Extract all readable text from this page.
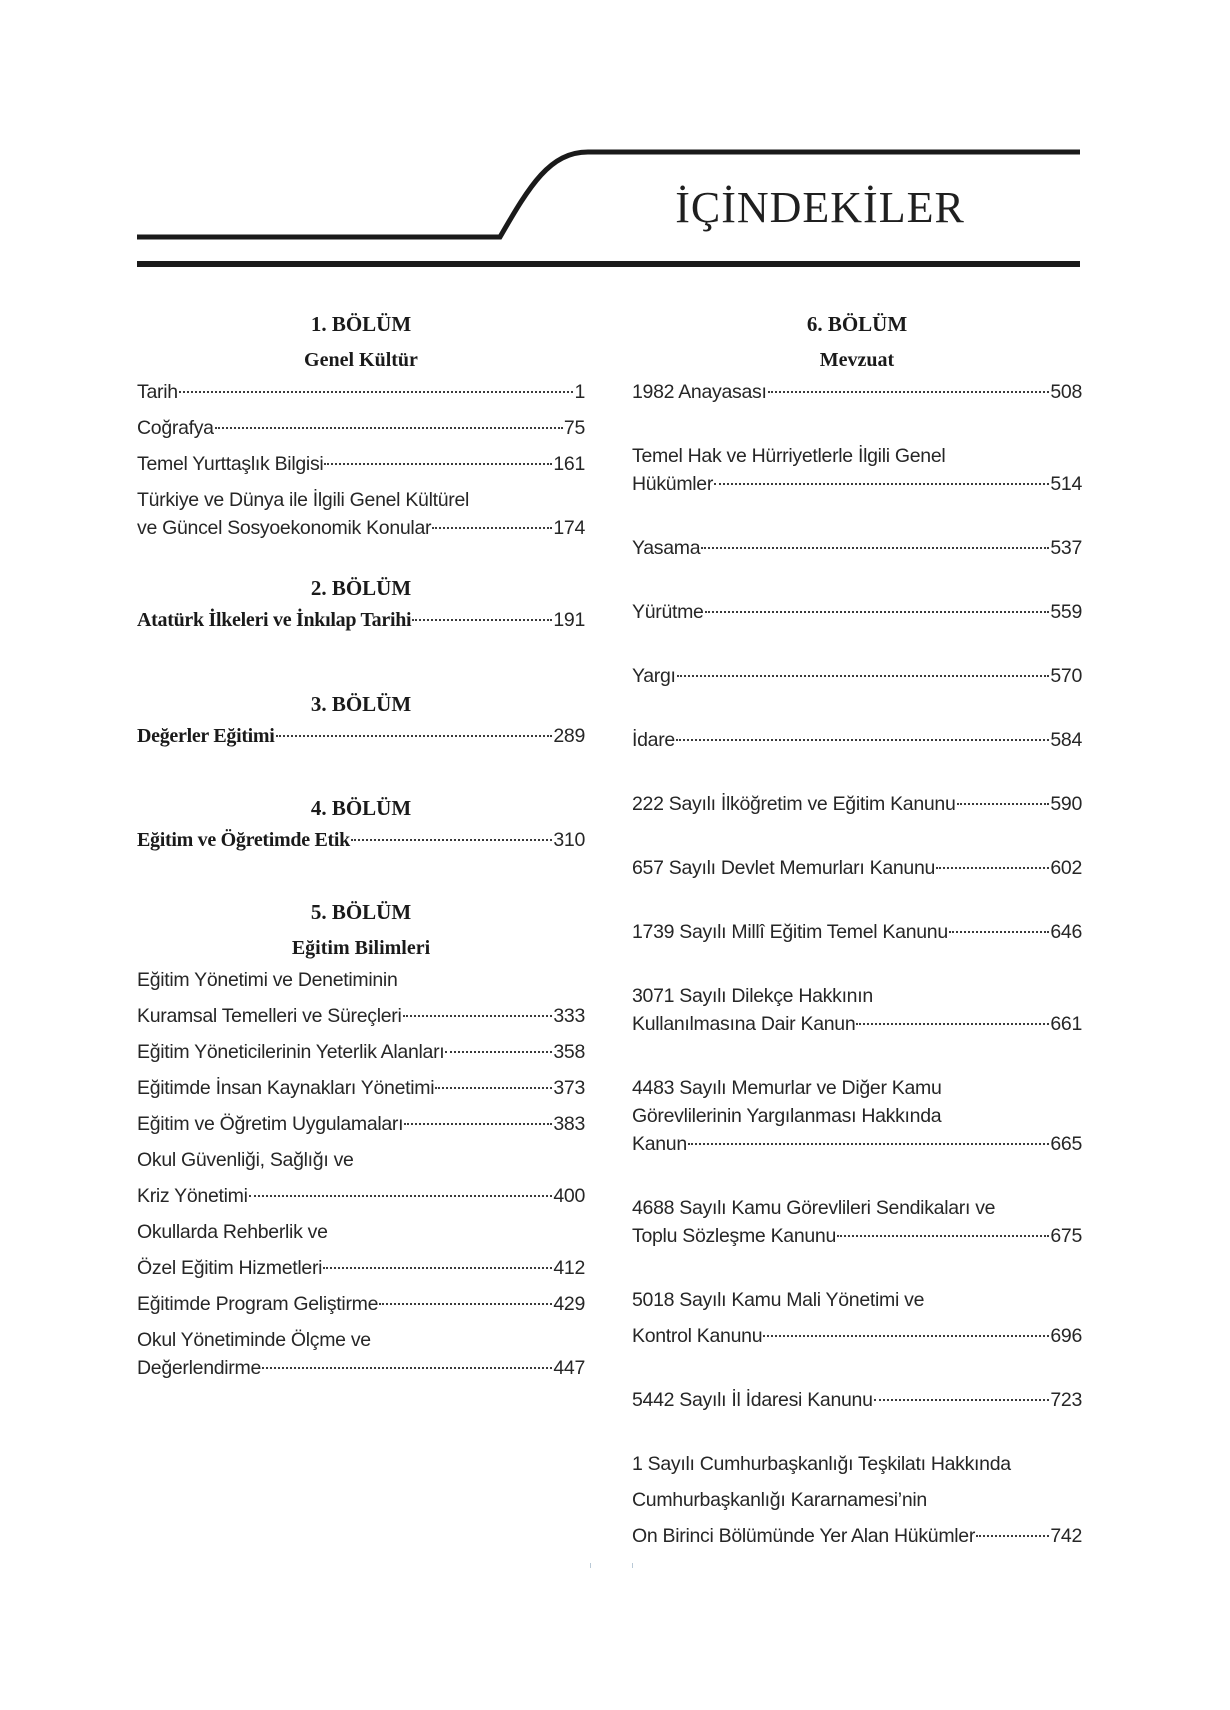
İÇİNDEKİLER
1. BÖLÜM
Genel Kültür
Tarih	1
Coğrafya	75
Temel Yurttaşlık Bilgisi	161
Türkiye ve Dünya ile İlgili Genel Kültürel
ve Güncel Sosyoekonomik Konular	174
2. BÖLÜM
Atatürk İlkeleri ve İnkılap Tarihi	191
3. BÖLÜM
Değerler Eğitimi	289
4. BÖLÜM
Eğitim ve Öğretimde Etik	310
5. BÖLÜM
Eğitim Bilimleri
Eğitim Yönetimi ve Denetiminin
Kuramsal Temelleri ve Süreçleri	333
Eğitim Yöneticilerinin Yeterlik Alanları	358
Eğitimde İnsan Kaynakları Yönetimi	373
Eğitim ve Öğretim Uygulamaları	383
Okul Güvenliği, Sağlığı ve
Kriz Yönetimi	400
Okullarda Rehberlik ve
Özel Eğitim Hizmetleri	412
Eğitimde Program Geliştirme	429
Okul Yönetiminde Ölçme ve
Değerlendirme	447
6. BÖLÜM
Mevzuat
1982 Anayasası	508
Temel Hak ve Hürriyetlerle İlgili Genel
Hükümler	514
Yasama	537
Yürütme	559
Yargı	570
İdare	584
222 Sayılı İlköğretim ve Eğitim Kanunu	590
657 Sayılı Devlet Memurları Kanunu	602
1739 Sayılı Millî Eğitim Temel Kanunu	646
3071 Sayılı Dilekçe Hakkının
Kullanılmasına Dair Kanun	661
4483 Sayılı Memurlar ve Diğer Kamu
Görevlilerinin Yargılanması Hakkında
Kanun	665
4688 Sayılı Kamu Görevlileri Sendikaları ve
Toplu Sözleşme Kanunu	675
5018 Sayılı Kamu Mali Yönetimi ve
Kontrol Kanunu	696
5442 Sayılı İl İdaresi Kanunu	723
1 Sayılı Cumhurbaşkanlığı Teşkilatı Hakkında
Cumhurbaşkanlığı Kararnamesi’nin
On Birinci Bölümünde Yer Alan Hükümler	742
